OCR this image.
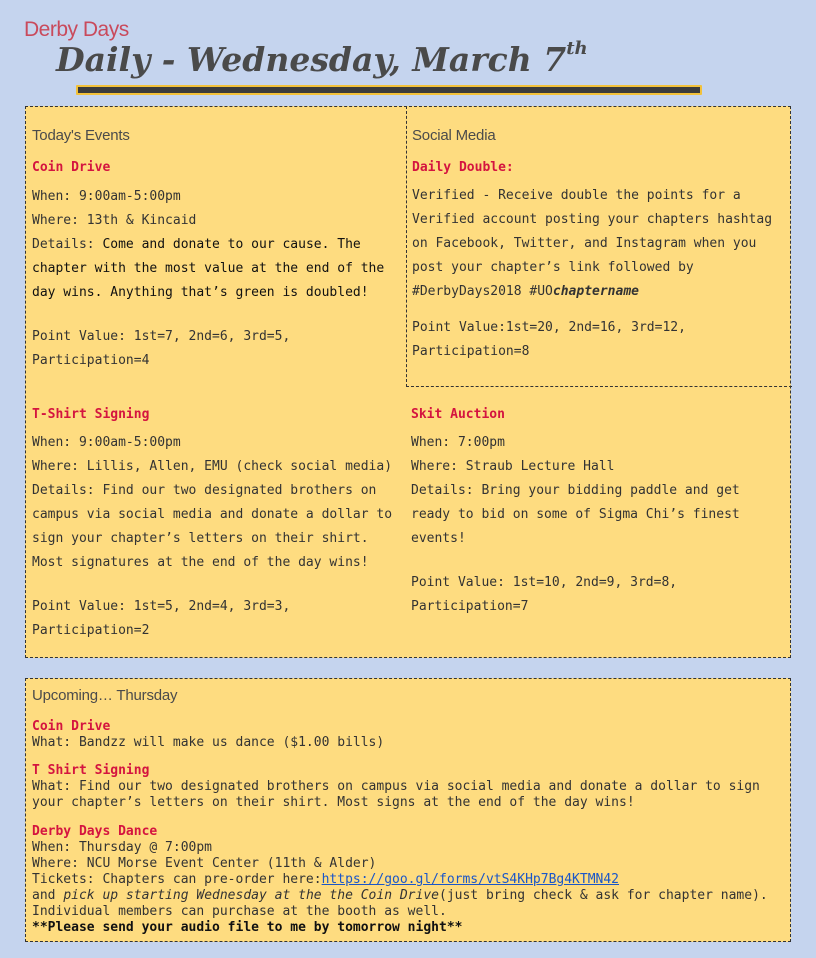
Derby Days
Daily - Wednesday, March 7th
Today's Events
Coin Drive
When: 9:00am-5:00pm
Where: 13th & Kincaid
Details: Come and donate to our cause. The
chapter with the most value at the end of the
day wins. Anything that’s green is doubled!
Point Value: 1st=7, 2nd=6, 3rd=5,
Participation=4
T-Shirt Signing
When: 9:00am-5:00pm
Where: Lillis, Allen, EMU (check social media)
Details: Find our two designated brothers on
campus via social media and donate a dollar to
sign your chapter’s letters on their shirt.
Most signatures at the end of the day wins!
Point Value: 1st=5, 2nd=4, 3rd=3,
Participation=2
Social Media
Daily Double:
Verified - Receive double the points for a
Verified account posting your chapters hashtag
on Facebook, Twitter, and Instagram when you
post your chapter’s link followed by
#DerbyDays2018 #UOchaptername
Point Value:1st=20, 2nd=16, 3rd=12,
Participation=8
Skit Auction
When: 7:00pm
Where: Straub Lecture Hall
Details: Bring your bidding paddle and get
ready to bid on some of Sigma Chi’s finest
events!
Point Value: 1st=10, 2nd=9, 3rd=8,
Participation=7
Upcoming… Thursday
Coin Drive
What: Bandzz will make us dance ($1.00 bills)
T Shirt Signing
What: Find our two designated brothers on campus via social media and donate a dollar to sign
your chapter’s letters on their shirt. Most signs at the end of the day wins!
Derby Days Dance
When: Thursday @ 7:00pm
Where: NCU Morse Event Center (11th & Alder)
Tickets: Chapters can pre-order here:https://goo.gl/forms/vtS4KHp7Bg4KTMN42
and pick up starting Wednesday at the the Coin Drive(just bring check & ask for chapter name).
Individual members can purchase at the booth as well.
**Please send your audio file to me by tomorrow night**
